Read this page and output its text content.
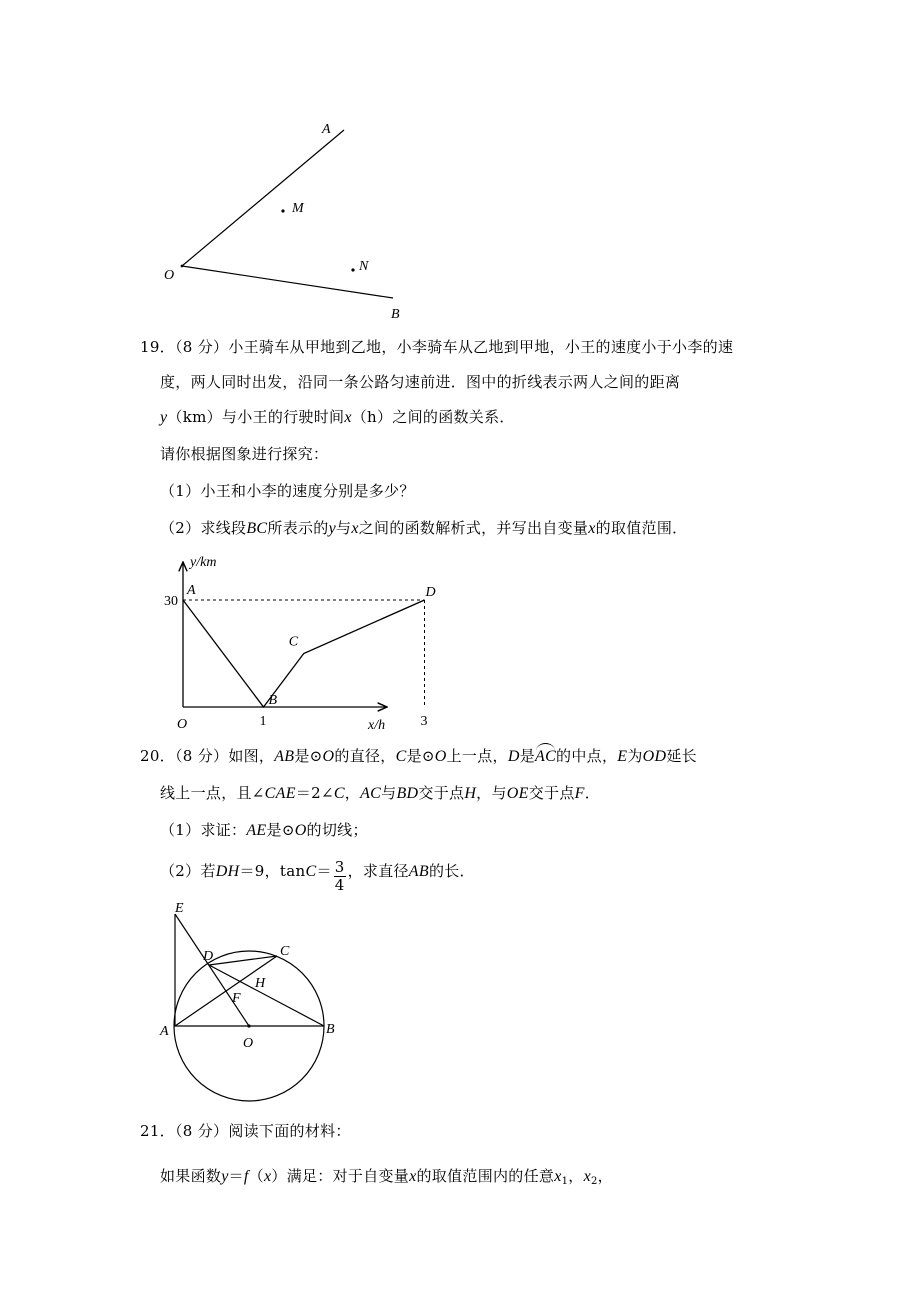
A
M
O
N
B
19．（8 分）小王骑车从甲地到乙地，小李骑车从乙地到甲地，小王的速度小于小李的速
度，两人同时出发，沿同一条公路匀速前进．图中的折线表示两人之间的距离
y（km）与小王的行驶时间x（h）之间的函数关系．
请你根据图象进行探究：
（1）小王和小李的速度分别是多少？
（2）求线段BC所表示的y与x之间的函数解析式，并写出自变量x的取值范围．
A
B
C
D
1	3
30
y/km
x/h
O
20．（8 分）如图，AB是⊙O的直径，C是⊙O上一点，D是AC的中点，E为OD延长
线上一点，且∠CAE＝2∠C，AC与BD交于点H，与OE交于点F．
（1）求证：AE是⊙O的切线；
（2）若DH＝9，$\tan C= \frac{3}{4}$ ，求直径AB的长．
E
D	C
H
F
A	B
O
21．（8 分）阅读下面的材料：
如果函数y＝f（x）满足：对于自变量x的取值范围内的任意$x_1$，$x_2$，
